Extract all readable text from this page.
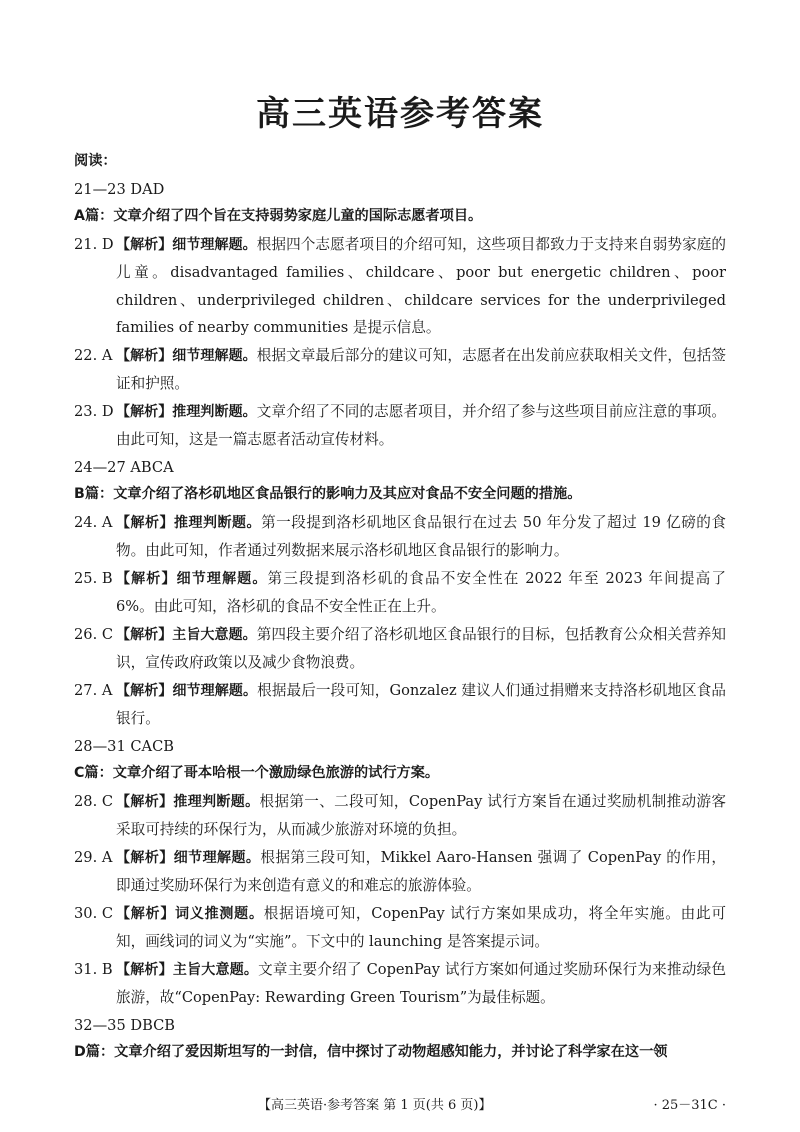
高三英语参考答案
阅读：
21—23 DAD
A篇：文章介绍了四个旨在支持弱势家庭儿童的国际志愿者项目。
21. D 【解析】细节理解题。根据四个志愿者项目的介绍可知，这些项目都致力于支持来自弱势家庭的儿童。disadvantaged families、childcare、poor but energetic children、poor children、underprivileged children、childcare services for the underprivileged families of nearby communities 是提示信息。
22. A 【解析】细节理解题。根据文章最后部分的建议可知，志愿者在出发前应获取相关文件，包括签证和护照。
23. D 【解析】推理判断题。文章介绍了不同的志愿者项目，并介绍了参与这些项目前应注意的事项。由此可知，这是一篇志愿者活动宣传材料。
24—27 ABCA
B篇：文章介绍了洛杉矶地区食品银行的影响力及其应对食品不安全问题的措施。
24. A 【解析】推理判断题。第一段提到洛杉矶地区食品银行在过去 50 年分发了超过 19 亿磅的食物。由此可知，作者通过列数据来展示洛杉矶地区食品银行的影响力。
25. B 【解析】细节理解题。第三段提到洛杉矶的食品不安全性在 2022 年至 2023 年间提高了 6%。由此可知，洛杉矶的食品不安全性正在上升。
26. C 【解析】主旨大意题。第四段主要介绍了洛杉矶地区食品银行的目标，包括教育公众相关营养知识，宣传政府政策以及减少食物浪费。
27. A 【解析】细节理解题。根据最后一段可知，Gonzalez 建议人们通过捐赠来支持洛杉矶地区食品银行。
28—31 CACB
C篇：文章介绍了哥本哈根一个激励绿色旅游的试行方案。
28. C 【解析】推理判断题。根据第一、二段可知，CopenPay 试行方案旨在通过奖励机制推动游客采取可持续的环保行为，从而减少旅游对环境的负担。
29. A 【解析】细节理解题。根据第三段可知，Mikkel Aaro-Hansen 强调了 CopenPay 的作用，即通过奖励环保行为来创造有意义的和难忘的旅游体验。
30. C 【解析】词义推测题。根据语境可知，CopenPay 试行方案如果成功，将全年实施。由此可知，画线词的词义为“实施”。下文中的 launching 是答案提示词。
31. B 【解析】主旨大意题。文章主要介绍了 CopenPay 试行方案如何通过奖励环保行为来推动绿色旅游，故“CopenPay: Rewarding Green Tourism”为最佳标题。
32—35 DBCB
D篇：文章介绍了爱因斯坦写的一封信，信中探讨了动物超感知能力，并讨论了科学家在这一领
【高三英语·参考答案 第 1 页(共 6 页)】	· 25－31C ·
